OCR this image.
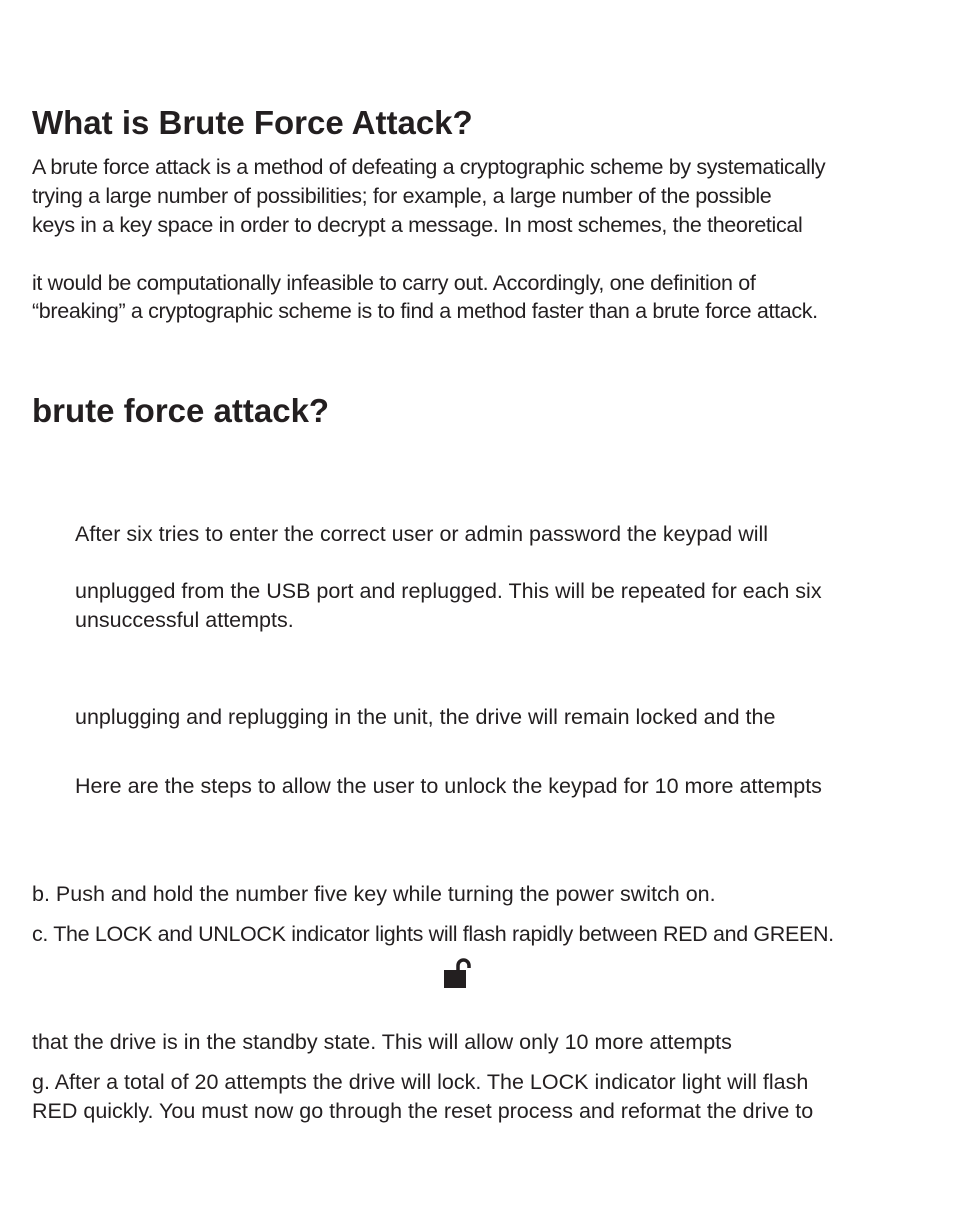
What is Brute Force Attack?
A brute force attack is a method of defeating a cryptographic scheme by systematically
trying a large number of possibilities; for example, a large number of the possible
keys in a key space in order to decrypt a message. In most schemes, the theoretical
it would be computationally infeasible to carry out. Accordingly, one definition of
“breaking” a cryptographic scheme is to find a method faster than a brute force attack.
brute force attack?
After six tries to enter the correct user or admin password the keypad will
unplugged from the USB port and replugged. This will be repeated for each six
unsuccessful attempts.
unplugging and replugging in the unit, the drive will remain locked and the
Here are the steps to allow the user to unlock the keypad for 10 more attempts
b. Push and hold the number five key while turning the power switch on.
c. The LOCK and UNLOCK indicator lights will flash rapidly between RED and GREEN.
that the drive is in the standby state. This will allow only 10 more attempts
g. After a total of 20 attempts the drive will lock. The LOCK indicator light will flash
RED quickly. You must now go through the reset process and reformat the drive to
